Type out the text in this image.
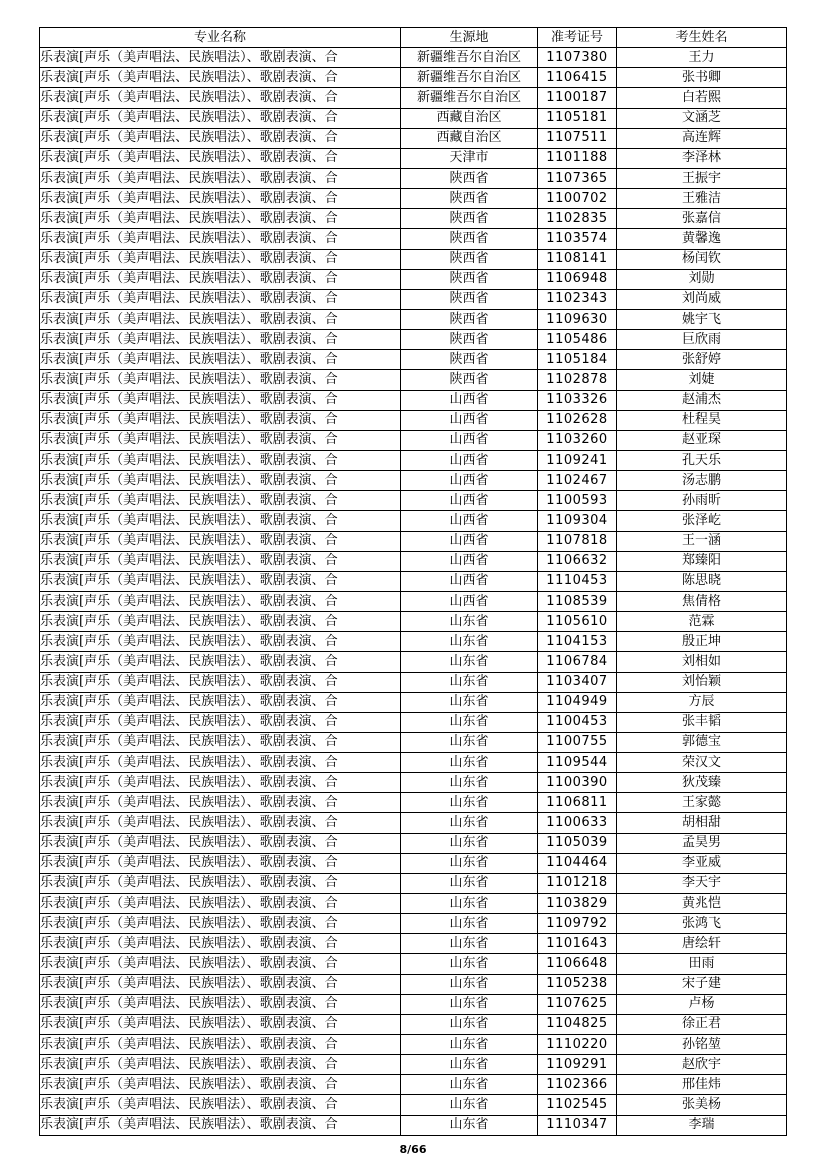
专业名称	生源地	准考证号	考生姓名
乐表演[声乐（美声唱法、民族唱法）、歌剧表演、合	新疆维吾尔自治区	1107380	王力
乐表演[声乐（美声唱法、民族唱法）、歌剧表演、合	新疆维吾尔自治区	1106415	张书卿
乐表演[声乐（美声唱法、民族唱法）、歌剧表演、合	新疆维吾尔自治区	1100187	白若熙
乐表演[声乐（美声唱法、民族唱法）、歌剧表演、合	西藏自治区	1105181	文涵芝
乐表演[声乐（美声唱法、民族唱法）、歌剧表演、合	西藏自治区	1107511	高连辉
乐表演[声乐（美声唱法、民族唱法）、歌剧表演、合	天津市	1101188	李泽林
乐表演[声乐（美声唱法、民族唱法）、歌剧表演、合	陕西省	1107365	王振宇
乐表演[声乐（美声唱法、民族唱法）、歌剧表演、合	陕西省	1100702	王雅洁
乐表演[声乐（美声唱法、民族唱法）、歌剧表演、合	陕西省	1102835	张嘉信
乐表演[声乐（美声唱法、民族唱法）、歌剧表演、合	陕西省	1103574	黄馨逸
乐表演[声乐（美声唱法、民族唱法）、歌剧表演、合	陕西省	1108141	杨闰钦
乐表演[声乐（美声唱法、民族唱法）、歌剧表演、合	陕西省	1106948	刘勋
乐表演[声乐（美声唱法、民族唱法）、歌剧表演、合	陕西省	1102343	刘尚威
乐表演[声乐（美声唱法、民族唱法）、歌剧表演、合	陕西省	1109630	姚宇飞
乐表演[声乐（美声唱法、民族唱法）、歌剧表演、合	陕西省	1105486	巨欣雨
乐表演[声乐（美声唱法、民族唱法）、歌剧表演、合	陕西省	1105184	张舒婷
乐表演[声乐（美声唱法、民族唱法）、歌剧表演、合	陕西省	1102878	刘婕
乐表演[声乐（美声唱法、民族唱法）、歌剧表演、合	山西省	1103326	赵浦杰
乐表演[声乐（美声唱法、民族唱法）、歌剧表演、合	山西省	1102628	杜程昊
乐表演[声乐（美声唱法、民族唱法）、歌剧表演、合	山西省	1103260	赵亚琛
乐表演[声乐（美声唱法、民族唱法）、歌剧表演、合	山西省	1109241	孔天乐
乐表演[声乐（美声唱法、民族唱法）、歌剧表演、合	山西省	1102467	汤志鹏
乐表演[声乐（美声唱法、民族唱法）、歌剧表演、合	山西省	1100593	孙雨昕
乐表演[声乐（美声唱法、民族唱法）、歌剧表演、合	山西省	1109304	张泽屹
乐表演[声乐（美声唱法、民族唱法）、歌剧表演、合	山西省	1107818	王一涵
乐表演[声乐（美声唱法、民族唱法）、歌剧表演、合	山西省	1106632	郑臻阳
乐表演[声乐（美声唱法、民族唱法）、歌剧表演、合	山西省	1110453	陈思晓
乐表演[声乐（美声唱法、民族唱法）、歌剧表演、合	山西省	1108539	焦倩格
乐表演[声乐（美声唱法、民族唱法）、歌剧表演、合	山东省	1105610	范霖
乐表演[声乐（美声唱法、民族唱法）、歌剧表演、合	山东省	1104153	殷正坤
乐表演[声乐（美声唱法、民族唱法）、歌剧表演、合	山东省	1106784	刘相如
乐表演[声乐（美声唱法、民族唱法）、歌剧表演、合	山东省	1103407	刘怡颖
乐表演[声乐（美声唱法、民族唱法）、歌剧表演、合	山东省	1104949	方辰
乐表演[声乐（美声唱法、民族唱法）、歌剧表演、合	山东省	1100453	张丰韬
乐表演[声乐（美声唱法、民族唱法）、歌剧表演、合	山东省	1100755	郭德宝
乐表演[声乐（美声唱法、民族唱法）、歌剧表演、合	山东省	1109544	荣汉文
乐表演[声乐（美声唱法、民族唱法）、歌剧表演、合	山东省	1100390	狄茂臻
乐表演[声乐（美声唱法、民族唱法）、歌剧表演、合	山东省	1106811	王家懿
乐表演[声乐（美声唱法、民族唱法）、歌剧表演、合	山东省	1100633	胡相甜
乐表演[声乐（美声唱法、民族唱法）、歌剧表演、合	山东省	1105039	孟昊男
乐表演[声乐（美声唱法、民族唱法）、歌剧表演、合	山东省	1104464	李亚威
乐表演[声乐（美声唱法、民族唱法）、歌剧表演、合	山东省	1101218	李天宇
乐表演[声乐（美声唱法、民族唱法）、歌剧表演、合	山东省	1103829	黄兆恺
乐表演[声乐（美声唱法、民族唱法）、歌剧表演、合	山东省	1109792	张鸿飞
乐表演[声乐（美声唱法、民族唱法）、歌剧表演、合	山东省	1101643	唐绘轩
乐表演[声乐（美声唱法、民族唱法）、歌剧表演、合	山东省	1106648	田雨
乐表演[声乐（美声唱法、民族唱法）、歌剧表演、合	山东省	1105238	宋子建
乐表演[声乐（美声唱法、民族唱法）、歌剧表演、合	山东省	1107625	卢杨
乐表演[声乐（美声唱法、民族唱法）、歌剧表演、合	山东省	1104825	徐正君
乐表演[声乐（美声唱法、民族唱法）、歌剧表演、合	山东省	1110220	孙铭堃
乐表演[声乐（美声唱法、民族唱法）、歌剧表演、合	山东省	1109291	赵欣宇
乐表演[声乐（美声唱法、民族唱法）、歌剧表演、合	山东省	1102366	邢佳炜
乐表演[声乐（美声唱法、民族唱法）、歌剧表演、合	山东省	1102545	张美杨
乐表演[声乐（美声唱法、民族唱法）、歌剧表演、合	山东省	1110347	李瑞
8/66
